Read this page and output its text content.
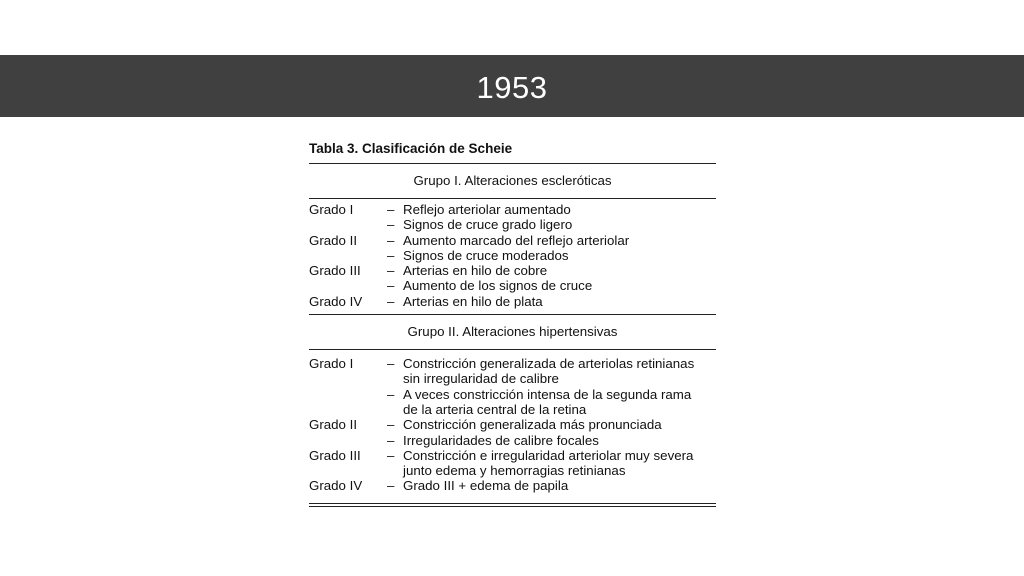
1953
Tabla 3. Clasificación de Scheie
Grupo I. Alteraciones escleróticas
Grado I	– Reflejo arteriolar aumentado
– Signos de cruce grado ligero
Grado II	– Aumento marcado del reflejo arteriolar
– Signos de cruce moderados
Grado III	– Arterias en hilo de cobre
– Aumento de los signos de cruce
Grado IV	– Arterias en hilo de plata
Grupo II. Alteraciones hipertensivas
Grado I	– Constricción generalizada de arteriolas retinianas
sin irregularidad de calibre
– A veces constricción intensa de la segunda rama
de la arteria central de la retina
Grado II	– Constricción generalizada más pronunciada
– Irregularidades de calibre focales
Grado III	– Constricción e irregularidad arteriolar muy severa
junto edema y hemorragias retinianas
Grado IV	– Grado III + edema de papila
